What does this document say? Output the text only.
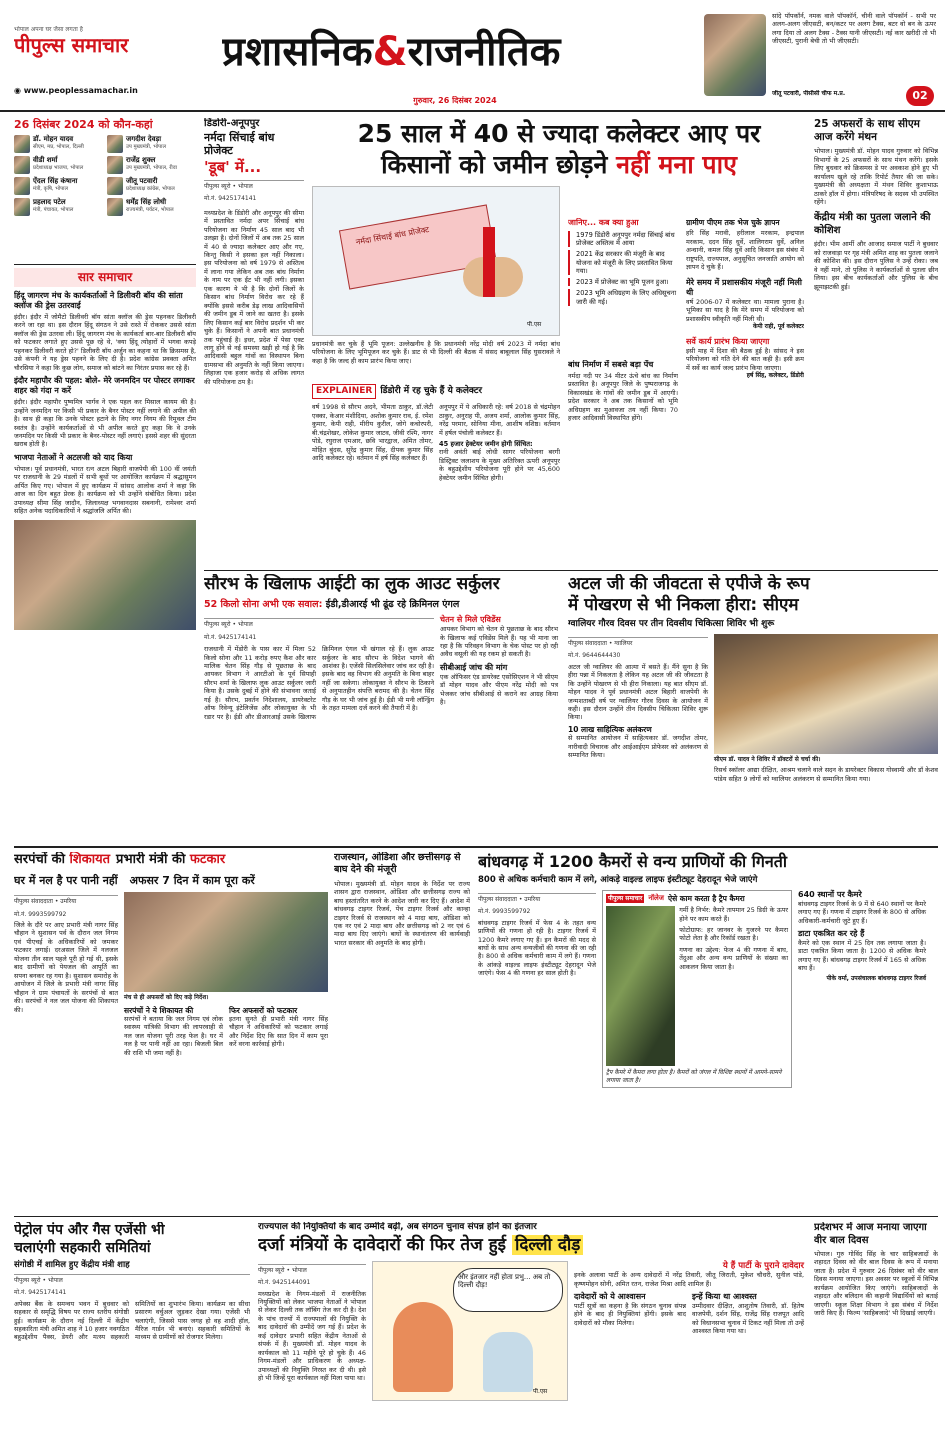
भोपाल अपना घर जैसा लगता है
पीपुल्स समाचार
◉ www.peoplessamachar.in
प्रशासनिक&राजनीतिक
गुरुवार, 26 दिसंबर 2024
सांदे पॉपकॉर्न, नमक वाले पॉपकॉर्न, चीनी वाले पॉपकॉर्न - सभी पर अलग-अलग जीएसटी, बन/कटर पर अलग टैक्स, बटर वो बन के ऊपर लगा दिया तो अलग टैक्स - टैक्स यानी जीएसटी। नई कार खरीदी तो भी जीएसटी, पुरानी बेची तो भी जीएसटी।
जीतू पटवारी, पीसीसी चीफ म.प्र.	02
26 दिसंबर 2024 को कौन-कहां
डॉ. मोहन यादव
सीएम, मप्र, भोपाल, दिल्ली
जगदीश देवड़ा
उप मुख्यमंत्री, भोपाल
वीडी शर्मा
प्रदेशाध्यक्ष भाजपा, भोपाल
राजेंद्र शुक्ल
उप मुख्यमंत्री, भोपाल, रीवा
ऐंदल सिंह कंषाना
मंत्री, कृषि, भोपाल
जीतू पटवारी
प्रदेशाध्यक्ष कांग्रेस, भोपाल
प्रहलाद पटेल
मंत्री, पंचायत, भोपाल
धर्मेंद्र सिंह लोधी
राज्यमंत्री, पर्यटन, भोपाल
सार समाचार
हिंदू जागरण मंच के कार्यकर्ताओं ने डिलीवरी बॉय की सांता क्लॉज की ड्रेस उतरवाई
इंदौर। इंदौर में जोमैटो डिलीवरी बॉय सांता क्लॉज की ड्रेस पहनकर डिलीवरी करने जा रहा था। इस दौरान हिंदू संगठन ने उसे रास्ते में रोककर उससे सांता क्लॉज की ड्रेस उतरवा ली। हिंदू जागरण मंच के कार्यकर्ता बार-बार डिलीवरी बॉय को फटकार लगाते हुए उससे पूछ रहे थे, 'क्या हिंदू त्योहारों में भगवा कपड़े पहनकर डिलीवरी करते हो?' डिलीवरी बॉय अर्जुन का कहना था कि क्रिसमस है, उसे कंपनी ने यह ड्रेस पहनने के लिए दी है। प्रदेश कांग्रेस प्रवक्ता अमित चौरसिया ने कहा कि कुछ लोग, समाज को बांटने का निरंतर प्रयास कर रहे हैं।
इंदौर महापौर की पहल: बोले- मेरे जनमदिन पर पोस्टर लगाकर शहर को गंदा न करें
इंदौर। इंदौर महापौर पुष्यमित्र भार्गव ने एक पहल कर मिसाल कायम की है। उन्होंने जनमदिन पर किसी भी प्रकार के बैनर पोस्टर नहीं लगाने की अपील की है। साथ ही कहा कि उनके पोस्टर हटाने के लिए नगर निगम की रिमूवल टीम स्वतंत्र है। उन्होंने कार्यकर्ताओं से भी अपील करते हुए कहा कि वे उनके जनमदिन पर किसी भी प्रकार के बैनर-पोस्टर नहीं लगाएं। इससे शहर की सुंदरता खराब होती है।
भाजपा नेताओं ने अटलजी को याद किया
भोपाल। पूर्व प्रधानमंत्री, भारत रत्न अटल बिहारी वाजपेयी की 100 वीं जयंती पर राजधानी के 29 मंडलों में सभी बूथों पर आयोजित कार्यक्रम में श्रद्धासुमन अर्पित किए गए। भोपाल में हुए कार्यक्रम में सांसद आलोक शर्मा ने कहा कि आज का दिन बहुत प्रेरक है। कार्यक्रम को भी उन्होंने संबोधित किया। प्रदेश उपाध्यक्ष सीमा सिंह जादौन, जिलाध्यक्ष भगवानदास सबनानी, रामेश्वर शर्मा सहित अनेक पदाधिकारियों ने श्रद्धांजलि अर्पित की।
डिंडोरी-अनूपपुर
नर्मदा सिंचाई बांध प्रोजेक्ट
'डूब' में...
पीपुल्स ब्यूरो • भोपाल
मो.नं. 9425174141
मध्यप्रदेश के डिंडोरी और अनूपपुर की सीमा में प्रस्तावित नर्मदा अपर सिंचाई बांध परियोजना का निर्माण 45 साल बाद भी उलझा है। दोनों जिलों में अब तक 25 साल में 40 से ज्यादा कलेक्टर आए और गए, किन्तु किसी ने इसका हल नहीं निकाला। इस परियोजना को वर्ष 1979 से अस्तित्व में लाना गया लेकिन अब तक बांध निर्माण के नाम पर एक ईंट भी नहीं लगी। इसका एक कारण ये भी है कि दोनों जिलों के किसान बांध निर्माण विरोध कर रहे हैं क्योंकि इससे करीब डेढ़ लाख आदिवासियों की जमीन डूब में जाने का खतरा है। इसके लिए किसान कई बार विरोध प्रदर्शन भी कर चुके हैं। किसानों ने अपनी बात प्रधानमंत्री तक पहुंचाई है। इधर, प्रदेश में पेसा एक्ट लागू होने से नई समस्या खड़ी हो गई है कि आदिवासी बहुल गांवों का विस्थापन बिना ग्रामसभा की अनुमति के नहीं किया जाएगा। लिहाजा एक हजार करोड़ से अधिक लागत की परियोजना ठप है।
25 साल में 40 से ज्यादा कलेक्टर आए पर
किसानों को जमीन छोड़ने नहीं मना पाए
नर्मदा सिंचाई बांध प्रोजेक्ट
पी.एस
प्रधानमंत्री कर चुके हैं भूमि पूजन: उल्लेखनीय है कि प्रधानमंत्री नरेंद्र मोदी वर्ष 2023 में नर्मदा बांध परियोजना के लिए भूमिपूजन कर चुके हैं। डाट से भी दिल्ली की बैठक में संसद बाबूलाल सिंह घुसरावले ने कहा है कि जल्द ही काम प्रारंभ किया जाए।
EXPLAINER डिंडोरी में रह चुके हैं ये कलेक्टर
वर्ष 1998 से सौरभ अदने, भीमता ठाकुर, डॉ.जेटी एक्का, केआर मंशीदिया, अशोक कुमार राव, ई. रमेश कुमार, केपी राही, मीरीय कुरील, जोगे कचोरपरी, बी.चंद्रशेखर, लोकेश कुमार जाटव, जीवी रश्मि, नागर पोडे, रघुराज एमआर, छवि भारद्वाज, अमित तोमर, मोहित बुंदस, सुरेंद्र कुमार सिंह, दीपक कुमार सिंह आदि कलेक्टर रहे। वर्तमान में हर्ष सिंह कलेक्टर हैं।
अनूपपुर में ये अधिकारी रहे: वर्ष 2018 से चंद्रमोहन ठाकुर, अनुराह पी, अजय शर्मा, आलोक कुमार सिंह, नरेंद्र परमार, सोनिया मीना, आशीष वशिष्ठ। वर्तमान में हर्षल पंचोली कलेक्टर हैं।
45 हजार हेक्टेयर जमीन होगी सिंचित:
रानी अवंती बाई लोधी सागर परियोजना बरगी डिस्ट्रिक्ट जलाशय के मुख्य अतिरिक्त ऊपरी अनूपपुर के बहुउद्देशीय परियोजना पूरी होने पर 45,600 हेक्टेयर जमीन सिंचित होगी।
जानिए... कब क्या हुआ
1979 डिंडोरी अनूपपुर नर्मदा सिंचाई बांध प्रोजेक्ट अस्तित्व में आया
2021 केंद्र सरकार की मंजूरी के बाद योजना को मंजूरी के लिए प्रस्तावित किया गया।
2023 में प्रोजेक्ट का भूमि पूजन हुआ।
2023 भूमि अधिग्रहण के लिए अधिसूचना जारी की गई।
बांध निर्माण में सबसे बड़ा पेंच
नर्मदा नदी पर 34 मीटर ऊंचे बांध का निर्माण प्रस्तावित है। अनूपपुर जिले के पुष्पराजगढ़ के विकासखंड के गांवों की जमीन डूब में आएगी। प्रदेश सरकार ने अब तक किसानों को भूमि अधिग्रहण का मुआवजा तय नहीं किया। 70 हजार आदिवासी विस्थापित होंगे।
ग्रामीण पीएम तक भेज चुके ज्ञापन
हरि सिंह मरावी, हरीलाल मरकाम, इन्द्रपाल मरकाम, ददन सिंह धुर्वे, शालिगराम धुर्वे, अनिल अन्धानी, कमल सिंह धुर्वे आदि किसान इस संबंध में राष्ट्रपति, राज्यपाल, अनुसूचित जनजाति आयोग को ज्ञापन दे चुके हैं।
मेरे समय में प्रशासकीय मंजूरी नहीं मिली थी
वर्ष 2006-07 में कलेक्टर था। मामला पुराना है। भूमिका सा याद है कि मेरे समय में परियोजना को प्रशासकीय स्वीकृति नहीं मिली थी।
केपी राही, पूर्व कलेक्टर
सर्वे कार्य प्रारंभ किया जाएगा
इसी माह में दिशा की बैठक हुई है। सांसद ने इस परियोजना को गति देने की बात कही है। इसी क्रम में सर्वे का कार्य जल्द प्रारंभ किया जाएगा।
हर्ष सिंह, कलेक्टर, डिंडोरी
25 अफसरों के साथ सीएम आज करेंगे मंथन
भोपाल। मुख्यमंत्री डॉ. मोहन यादव गुरुवार को विभिन्न विभागों के 25 अफसरों के साथ मंथन करेंगे। इसके लिए बुधवार को क्रिसमस डे पर अवकाश होने हुए भी कार्यालय खुले रहे ताकि रिपोर्ट तैयार की जा सके। मुख्यमंत्री की अध्यक्षता में मंथन शिविर कुशाभाऊ ठाकरे हॉल में होगा। मंत्रिपरिषद के सदस्य भी उपस्थित रहेंगे।
केंद्रीय मंत्री का पुतला जलाने की कोशिश
इंदौर। भीम आर्मी और आजाद समाज पार्टी ने बुधवार को राजवाड़ा पर गृह मंत्री अमित शाह का पुतला जलाने की कोशिश की। इस दौरान पुलिस ने उन्हें रोका। जब वे नहीं माने, तो पुलिस ने कार्यकर्ताओं से पुतला छीन लिया। इस बीच कार्यकर्ताओं और पुलिस के बीच झूमाझटकी हुई।
सौरभ के खिलाफ आईटी का लुक आउट सर्कुलर
52 किलो सोना अभी एक सवाल: ईडी,डीआरई भी ढूंढ रहे क्रिमिनल एंगल
पीपुल्स ब्यूरो • भोपाल
मो.नं. 9425174141
राजधानी में मेंडोरी के पास कार में मिला 52 किलो सोना और 11 करोड़ रुपए कैश और कार मालिक चेतन सिंह गौड़ से पूछताछ के बाद आयकर विभाग ने आरटीओ के पूर्व सिपाही सौरभ शर्मा के खिलाफ लुक आउट सर्कुलर जारी किया है। उसके दुबई में होने की संभावना जताई गई है। सौरभ, प्रवर्तन निदेशालय, डायरेक्टरेट ऑफ रिवेन्यू इंटेलिजेंस और लोकायुक्त के भी रडार पर है। ईडी और डीआरआई उसके खिलाफ क्रिमिनल एंगल भी खंगाल रहे हैं। लुक आउट सर्कुलर के बाद सौरभ के विदेश भागने की आशंका है। एजेंसी सिलसिलेवार जांच कर रही है। इसके बाद वह विभाग की अनुमति के बिना बाहर नहीं जा सकेगा। लोकायुक्त ने सौरभ के ठिकाने से अनुपातहीन संपत्ति बरामद की है। चेतन सिंह गौड़ के घर भी जांच हुई है। ईडी भी मनी लॉन्ड्रिंग के तहत मामला दर्ज करने की तैयारी में है।
चेतन से मिले एविडेंस
आयकर विभाग को चेतन से पूछताछ के बाद सौरभ के खिलाफ कई एविडेंस मिले हैं। यह भी माना जा रहा है कि परिवहन विभाग के चेक पोस्ट पर हो रही अवैध वसूली की यह रकम हो सकती है।
सीबीआई जांच की मांग
एक ऑफिसर एंड डायरेक्ट एसोसिएशन ने भी सीएम डॉ मोहन यादव और पीएम नरेंद्र मोदी को पत्र भेजकर जांच सीबीआई से कराने का आग्रह किया है।
अटल जी की जीवटता से एपीजे के रूप
में पोखरण से भी निकला हीरा: सीएम
ग्वालियर गौरव दिवस पर तीन दिवसीय चिकित्सा शिविर भी शुरू
पीपुल्स संवाददाता • ग्वालियर
मो.नं. 9644644430
अटल जी ग्वालियर की आत्मा में बसते हैं। मैंने सुना है कि हीरा पन्ना में निकलता है लेकिन यह अटल जी की जीवटता है कि उन्होंने पोखरण से भी हीरा निकाला। यह बात सीएम डॉ. मोहन यादव ने पूर्व प्रधानमंत्री अटल बिहारी वाजपेयी के जन्मशताब्दी वर्ष पर ग्वालियर गौरव दिवस के आयोजन में कही। इस दौरान उन्होंने तीन दिवसीय चिकित्सा शिविर शुरू किया।
10 लाख साहित्यिक अलंकरण
से सम्मानित आयोजन में साहित्यकार डॉ. जगदीश तोमर, नारीवादी विचारक और आईआईएम प्रोफेसर को अलंकरण से सम्मानित किया।
सीएम डॉ. यादव ने शिविर में डॉक्टरों से चर्चा की।
रिसर्च स्कॉलर आद्या दीक्षित, आश्रम चलाने वाले सदन के डायरेक्टर विकास गोस्वामी और डॉ केशव पांडेय सहित 9 लोगों को ग्वालियर अलंकरण से सम्मानित किया गया।
सरपंचों की शिकायत प्रभारी मंत्री की फटकार
घर में नल है पर पानी नहीं अफसर 7 दिन में काम पूरा करें
पीपुल्स संवाददाता • उमरिया
मो.नं. 9993599792
जिले के दौरे पर आए प्रभारी मंत्री नागर सिंह चौहान ने सुशासन पर्व के दौरान जल निगम एवं पीएचई के अधिकारियों को जमकर फटकार लगाई। दरअसल जिले में नलजल योजना तीन साल पहले पूरी हो गई थी, इसके बाद ग्रामीणों को पेयजल की आपूर्ति का सपना बनकर रह गया है। सुशासन समारोह के आयोजन में जिले के प्रभारी मंत्री नागर सिंह चौहान ने ग्राम पंचायतों के सरपंचों से बात की। सरपंचों ने नल जल योजना की शिकायत की।
मंच से ही अफसरों को दिए कड़े निर्देश।
सरपंचों ने ये शिकायत की
सरपंचों ने बताया कि जल निगम एवं लोक स्वास्थ्य यांत्रिकी विभाग की लापरवाही से नल जल योजना पूरी तरह फेल है। घर में नल है पर पानी नहीं आ रहा। बिजली बिल की राशि भी जमा नहीं है।
फिर अफसरों को फटकार
इतना सुनते ही प्रभारी मंत्री नागर सिंह चौहान ने अधिकारियों को फटकार लगाई और निर्देश दिए कि सात दिन में काम पूरा करें वरना कार्रवाई होगी।
राजस्थान, ओडिशा और छत्तीसगढ़ से बाघ देने की मंजूरी
भोपाल। मुख्यमंत्री डॉ. मोहन यादव के निर्देश पर राज्य शासन द्वारा राजस्थान, ओडिशा और छत्तीसगढ़ राज्य को बाघ हस्तांतरित करने के आदेश जारी कर दिए हैं। आदेश में बांधवगढ़ टाइगर रिजर्व, पेंच टाइगर रिजर्व और कान्हा टाइगर रिजर्व से राजस्थान को 4 मादा बाघ, ओडिशा को एक नर एवं 2 मादा बाघ और छत्तीसगढ़ को 2 नर एवं 6 मादा बाघ दिए जाएंगे। बाघों के स्थानांतरण की कार्यवाही भारत सरकार की अनुमति के बाद होगी।
बांधवगढ़ में 1200 कैमरों से वन्य प्राणियों की गिनती
800 से अधिक कर्मचारी काम में लगे, आंकड़े वाइल्ड लाइफ इंस्टीट्यूट देहरादून भेजे जाएंगे
पीपुल्स संवाददाता • उमरिया
मो.नं. 9993599792
बांधवगढ़ टाइगर रिजर्व में फेस 4 के तहत वन्य प्राणियों की गणना हो रही है। टाइगर रिजर्व में 1200 कैमरे लगाए गए हैं। इन कैमरों की मदद से बाघों के साथ अन्य वन्यजीवों की गणना की जा रही है। 800 से अधिक कर्मचारी काम में लगे हैं। गणना के आंकड़े वाइल्ड लाइफ इंस्टीट्यूट देहरादून भेजे जाएंगे। फेस 4 की गणना हर साल होती है।
पीपुल्स समाचार नॉलेज ऐसे काम करता है ट्रैप कैमरा
गर्मी है निर्भर: कैमरे तापमान 25 डिग्री के ऊपर होने पर काम करते हैं।
फोटोग्राफ: हर जानवर के गुजरने पर कैमरा फोटो लेता है और रिकॉर्ड रखता है।
गणना का उद्देश्य: फेज 4 की गणना में बाघ, तेंदुआ और अन्य वन्य प्राणियों के संख्या का आकलन किया जाता है।
ट्रैप कैमरे में कैमरा लगा होता है। कैमरों को जंगल में विशिष्ट स्थानों में आमने-सामने लगाया जाता है।
640 स्थानों पर कैमरे
बांधवगढ़ टाइगर रिजर्व के 9 में से 640 स्थानों पर कैमरे लगाए गए हैं। गणना में टाइगर रिजर्व के 800 से अधिक अधिकारी-कर्मचारी जुटे हुए हैं।
डाटा एकत्रित कर रहे हैं
कैमरे को एक स्थान में 25 दिन तक लगाया जाता है। डाटा एकत्रित किया जाता है। 1200 से अधिक कैमरे लगाए गए हैं। बांधवगढ़ टाइगर रिजर्व में 165 से अधिक बाघ हैं।
पीके वर्मा, उपसंचालक बांधवगढ़ टाइगर रिजर्व
पेट्रोल पंप और गैस एजेंसी भी
चलाएंगी सहकारी समितियां
संगोष्ठी में शामिल हुए केंद्रीय मंत्री शाह
पीपुल्स ब्यूरो • भोपाल
मो.नं. 9425174141
अपेक्स बैंक के समन्वय भवन में बुधवार को सहकार से समृद्धि विषय पर राज्य स्तरीय संगोष्ठी हुई। कार्यक्रम के दौरान नई दिल्ली में केंद्रीय सहकारिता मंत्री अमित शाह ने 10 हजार नवगठित बहुउद्देशीय पैक्स, डेयरी और मत्स्य सहकारी समितियों का शुभारंभ किया। कार्यक्रम का सीधा प्रसारण वर्चुअल जुड़कर देखा गया। एजेंसी भी चलाएंगी, जिससे पास जगह हो वह शादी हॉल, मैरिज गार्डन भी बनाएं। सहकारी समितियों के माध्यम से ग्रामीणों को रोजगार मिलेगा।
राज्यपाल की नियुक्तियों के बाद उम्मीदें बढ़ीं, अब संगठन चुनाव संपन्न होने का इंतजार
दर्जा मंत्रियों के दावेदारों की फिर तेज हुई दिल्ली दौड़
पीपुल्स ब्यूरो • भोपाल
मो.नं. 9425144091
मध्यप्रदेश के निगम-मंडलों में राजनीतिक नियुक्तियों को लेकर भाजपा नेताओं ने भोपाल से लेकर दिल्ली तक लॉबिंग तेज कर दी है। देश के पांच राज्यों में राज्यपालों की नियुक्ति के बाद दावेदारों की उम्मीदें जग गई हैं। प्रदेश के कई दावेदार प्रभारी सहित केंद्रीय नेताओं से संपर्क में हैं। मुख्यमंत्री डॉ. मोहन यादव के कार्यकाल को 11 महीने पूरे हो चुके हैं। 46 निगम-मंडलों और प्राधिकरण के अध्यक्ष-उपाध्यक्षों की नियुक्ति निरस्त कर दी थी। इसे हो भी जिन्हें पूरा कार्यकाल नहीं मिला पाया था।
और इंतजार नहीं होता प्रभु... अब तो दिल्ली दौड़!
पी.एस
ये हैं पार्टी के पुराने दावेदार
इनके अलावा पार्टी के अन्य दावेदारों में नरेंद्र तिवारी, जीतू जिराती, मुकेश चौधरी, सुनील पांडे, कृष्णमोहन सोनी, अमित रतन, राजेश मिश्रा आदि शामिल हैं।
दावेदारों को ये आश्वासन
पार्टी सूत्रों का कहना है कि संगठन चुनाव संपन्न होने के बाद ही नियुक्तियां होंगी। इसके बाद दावेदारों को मौका मिलेगा।
इन्हें किया था आश्वस्त
उम्मीदवार दीक्षित, आशुतोष तिवारी, डॉ. हितेष वाजपेयी, दर्शन सिंह, राजेंद्र सिंह राजपूत आदि को विधानसभा चुनाव में टिकट नहीं मिला तो उन्हें आश्वस्त किया गया था।
प्रदेशभर में आज मनाया जाएगा वीर बाल दिवस
भोपाल। गुरु गोविंद सिंह के चार साहिबजादों के शहादत दिवस को वीर बाल दिवस के रूप में मनाया जाता है। प्रदेश में गुरुवार 26 दिसंबर को वीर बाल दिवस मनाया जाएगा। इस अवसर पर स्कूलों में विभिन्न कार्यक्रम आयोजित किए जाएंगे। साहिबजादों के शहादत और बलिदान की कहानी विद्यार्थियों को बताई जाएगी। स्कूल शिक्षा विभाग ने इस संबंध में निर्देश जारी किए हैं। फिल्म 'साहिबजादे' भी दिखाई जाएगी।
